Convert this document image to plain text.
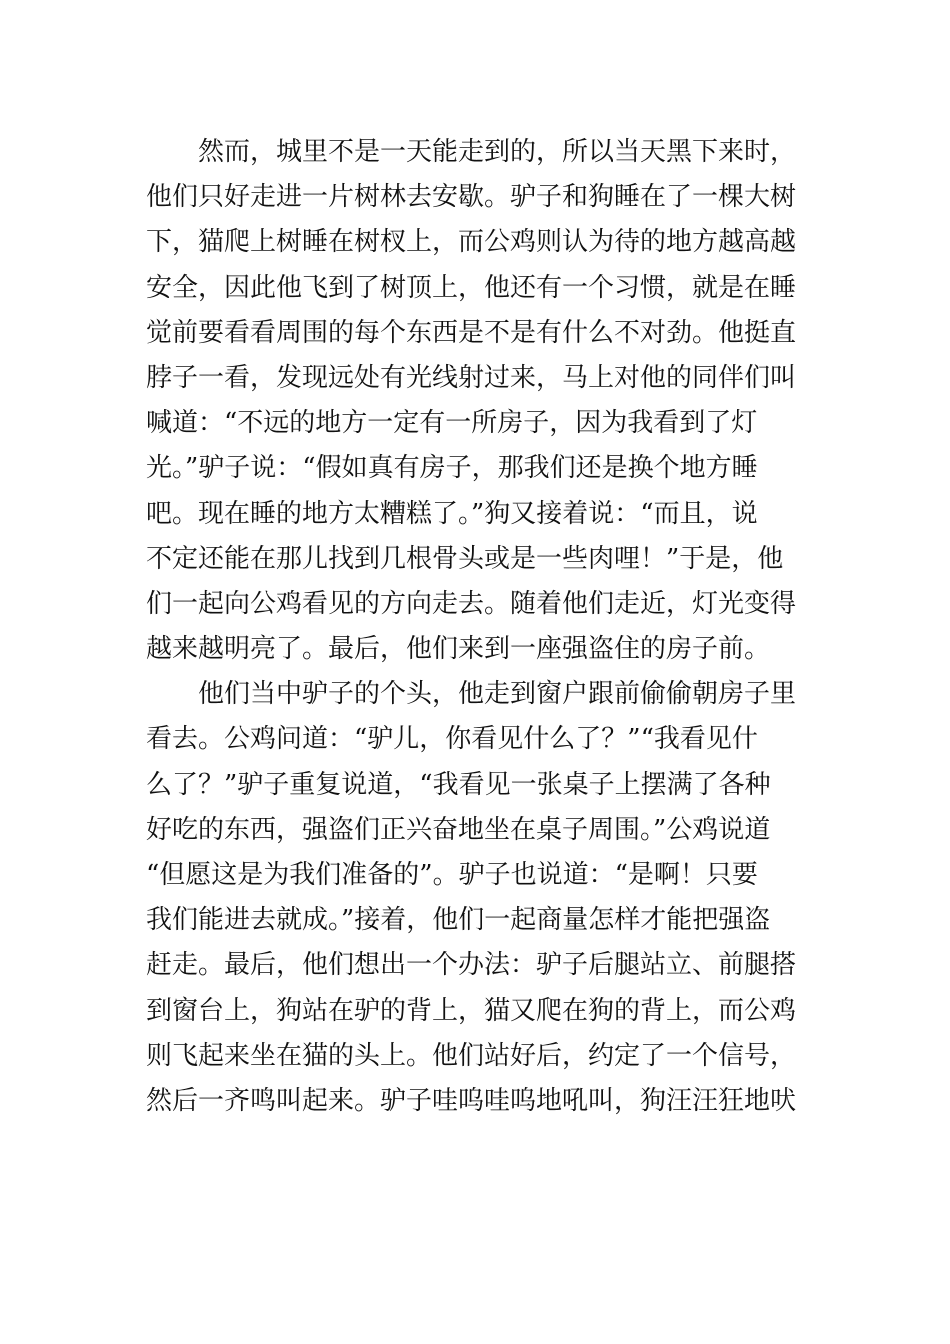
然而，城里不是一天能走到的，所以当天黑下来时，
他们只好走进一片树林去安歇。驴子和狗睡在了一棵大树
下，猫爬上树睡在树杈上，而公鸡则认为待的地方越高越
安全，因此他飞到了树顶上，他还有一个习惯，就是在睡
觉前要看看周围的每个东西是不是有什么不对劲。他挺直
脖子一看，发现远处有光线射过来，马上对他的同伴们叫
喊道：“不远的地方一定有一所房子，因为我看到了灯
光。”驴子说：“假如真有房子，那我们还是换个地方睡
吧。现在睡的地方太糟糕了。”狗又接着说：“而且，说
不定还能在那儿找到几根骨头或是一些肉哩！”于是，他
们一起向公鸡看见的方向走去。随着他们走近，灯光变得
越来越明亮了。最后，他们来到一座强盗住的房子前。
他们当中驴子的个头，他走到窗户跟前偷偷朝房子里
看去。公鸡问道：“驴儿，你看见什么了？”“我看见什
么了？”驴子重复说道，“我看见一张桌子上摆满了各种
好吃的东西，强盗们正兴奋地坐在桌子周围。”公鸡说道
“但愿这是为我们准备的”。驴子也说道：“是啊！只要
我们能进去就成。”接着，他们一起商量怎样才能把强盗
赶走。最后，他们想出一个办法：驴子后腿站立、前腿搭
到窗台上，狗站在驴的背上，猫又爬在狗的背上，而公鸡
则飞起来坐在猫的头上。他们站好后，约定了一个信号，
然后一齐鸣叫起来。驴子哇呜哇呜地吼叫，狗汪汪狂地吠
